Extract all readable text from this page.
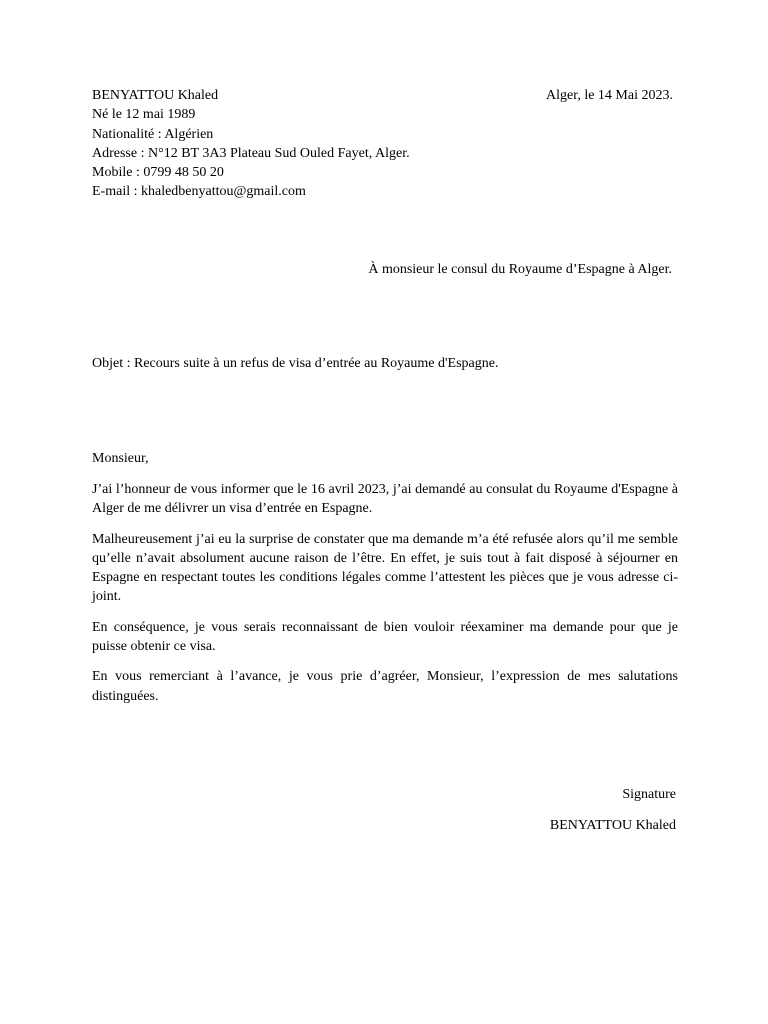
BENYATTOU Khaled
Né le 12 mai 1989
Nationalité : Algérien
Adresse : N°12 BT 3A3 Plateau Sud Ouled Fayet, Alger.
Mobile : 0799 48 50 20
E-mail : khaledbenyattou@gmail.com
Alger, le 14 Mai 2023.
À monsieur le consul du Royaume d’Espagne à Alger.
Objet : Recours suite à un refus de visa d’entrée au Royaume d'Espagne.
Monsieur,

J’ai l’honneur de vous informer que le 16 avril 2023, j’ai demandé au consulat du Royaume d'Espagne à Alger de me délivrer un visa d’entrée en Espagne.

Malheureusement j’ai eu la surprise de constater que ma demande m’a été refusée alors qu’il me semble qu’elle n’avait absolument aucune raison de l’être. En effet, je suis tout à fait disposé à séjourner en Espagne en respectant toutes les conditions légales comme l’attestent les pièces que je vous adresse ci-joint.

En conséquence, je vous serais reconnaissant de bien vouloir réexaminer ma demande pour que je puisse obtenir ce visa.

En vous remerciant à l’avance, je vous prie d’agréer, Monsieur, l’expression de mes salutations distinguées.

Signature
BENYATTOU Khaled
